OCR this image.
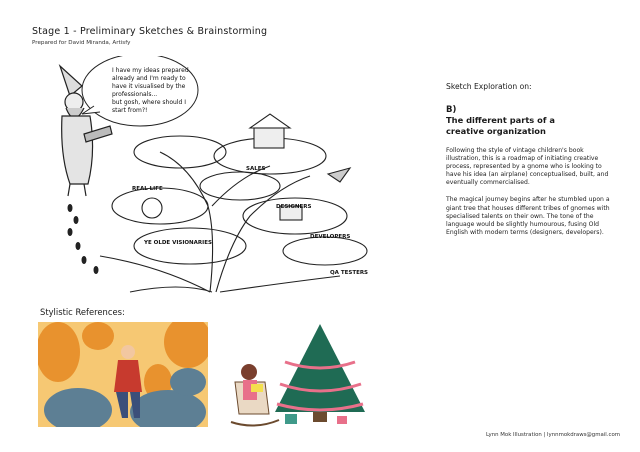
Stage 1 - Preliminary Sketches & Brainstorming
Prepared for David Miranda, Artisfy
I have my ideas prepared already and I'm ready to have it visualised by the professionals... but gosh, where should I start from?!
REAL LIFE
SALES
DESIGNERS
DEVELOPERS
YE OLDE VISIONARIES
QA TESTERS

Sketch Exploration on:

B)

The different parts of a
creative organization

Following the style of vintage children's book illustration, this is a roadmap of initiating creative process, represented by a gnome who is looking to have his idea (an airplane) conceptualised, built, and eventually commercialised.

The magical journey begins after he stumbled upon a giant tree that houses different tribes of gnomes with specialised talents on their own. The tone of the language would be slightly humourous, fusing Old English with modern terms (designers, developers).

Stylistic References:
Lynn Mok Illustration | lynnmokdraws@gmail.com
